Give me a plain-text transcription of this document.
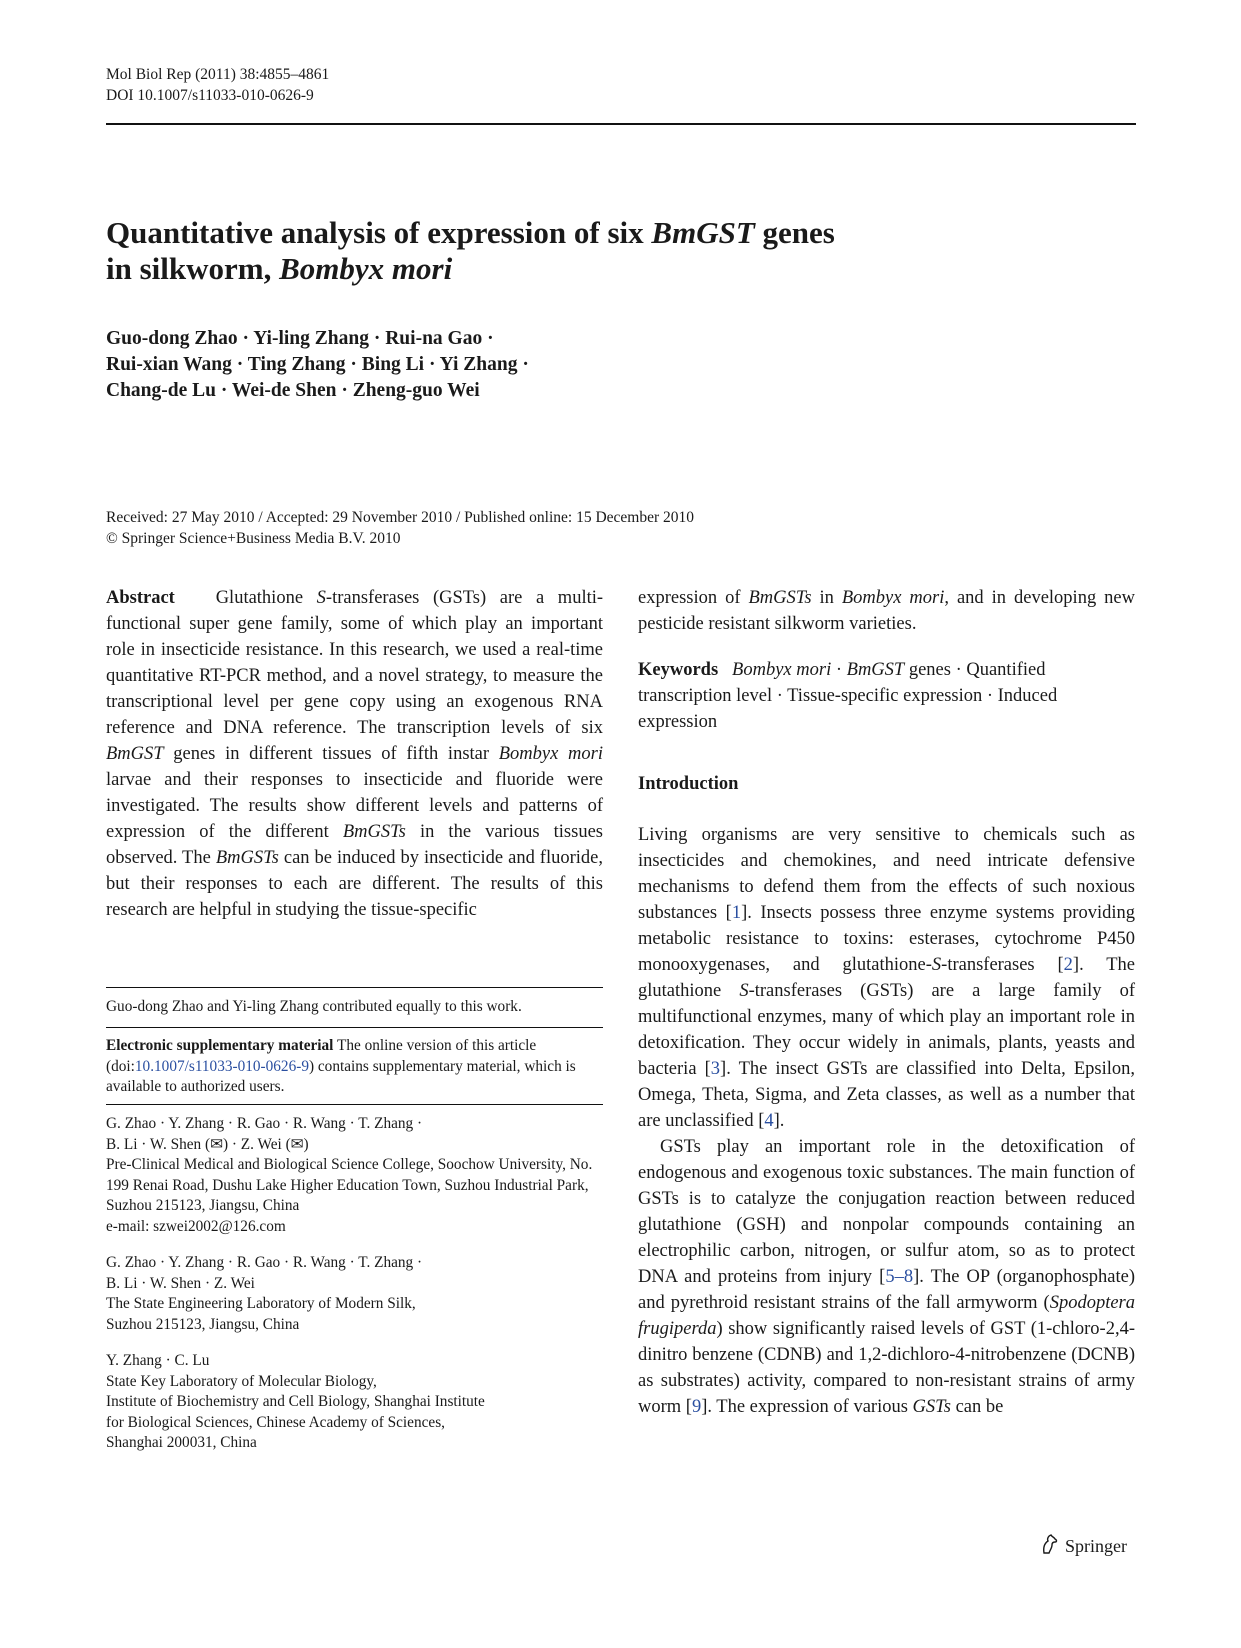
Mol Biol Rep (2011) 38:4855–4861
DOI 10.1007/s11033-010-0626-9
Quantitative analysis of expression of six BmGST genes
in silkworm, Bombyx mori
Guo-dong Zhao · Yi-ling Zhang · Rui-na Gao ·
Rui-xian Wang · Ting Zhang · Bing Li · Yi Zhang ·
Chang-de Lu · Wei-de Shen · Zheng-guo Wei
Received: 27 May 2010 / Accepted: 29 November 2010 / Published online: 15 December 2010
© Springer Science+Business Media B.V. 2010

Abstract Glutathione S-transferases (GSTs) are a multi-functional super gene family, some of which play an important role in insecticide resistance. In this research, we used a real-time quantitative RT-PCR method, and a novel strategy, to measure the transcriptional level per gene copy using an exogenous RNA reference and DNA reference. The transcription levels of six BmGST genes in different tissues of fifth instar Bombyx mori larvae and their responses to insecticide and fluoride were investigated. The results show different levels and patterns of expression of the different BmGSTs in the various tissues observed. The BmGSTs can be induced by insecticide and fluoride, but their responses to each are different. The results of this research are helpful in studying the tissue-specific

Guo-dong Zhao and Yi-ling Zhang contributed equally to this work.
Electronic supplementary material The online version of this article (doi:10.1007/s11033-010-0626-9) contains supplementary material, which is available to authorized users.
G. Zhao · Y. Zhang · R. Gao · R. Wang · T. Zhang ·
B. Li · W. Shen (✉) · Z. Wei (✉)
Pre-Clinical Medical and Biological Science College, Soochow University, No. 199 Renai Road, Dushu Lake Higher Education Town, Suzhou Industrial Park, Suzhou 215123, Jiangsu, China
e-mail: szwei2002@126.com
G. Zhao · Y. Zhang · R. Gao · R. Wang · T. Zhang ·
B. Li · W. Shen · Z. Wei
The State Engineering Laboratory of Modern Silk,
Suzhou 215123, Jiangsu, China
Y. Zhang · C. Lu
State Key Laboratory of Molecular Biology,
Institute of Biochemistry and Cell Biology, Shanghai Institute
for Biological Sciences, Chinese Academy of Sciences,
Shanghai 200031, China

expression of BmGSTs in Bombyx mori, and in developing new pesticide resistant silkworm varieties.

Keywords Bombyx mori · BmGST genes · Quantified transcription level · Tissue-specific expression · Induced expression

Introduction

Living organisms are very sensitive to chemicals such as insecticides and chemokines, and need intricate defensive mechanisms to defend them from the effects of such noxious substances [1]. Insects possess three enzyme systems providing metabolic resistance to toxins: esterases, cytochrome P450 monooxygenases, and glutathione-S-transferases [2]. The glutathione S-transferases (GSTs) are a large family of multifunctional enzymes, many of which play an important role in detoxification. They occur widely in animals, plants, yeasts and bacteria [3]. The insect GSTs are classified into Delta, Epsilon, Omega, Theta, Sigma, and Zeta classes, as well as a number that are unclassified [4].

GSTs play an important role in the detoxification of endogenous and exogenous toxic substances. The main function of GSTs is to catalyze the conjugation reaction between reduced glutathione (GSH) and nonpolar compounds containing an electrophilic carbon, nitrogen, or sulfur atom, so as to protect DNA and proteins from injury [5–8]. The OP (organophosphate) and pyrethroid resistant strains of the fall armyworm (Spodoptera frugiperda) show significantly raised levels of GST (1-chloro-2,4-dinitro benzene (CDNB) and 1,2-dichloro-4-nitrobenzene (DCNB) as substrates) activity, compared to non-resistant strains of army worm [9]. The expression of various GSTs can be

Springer
